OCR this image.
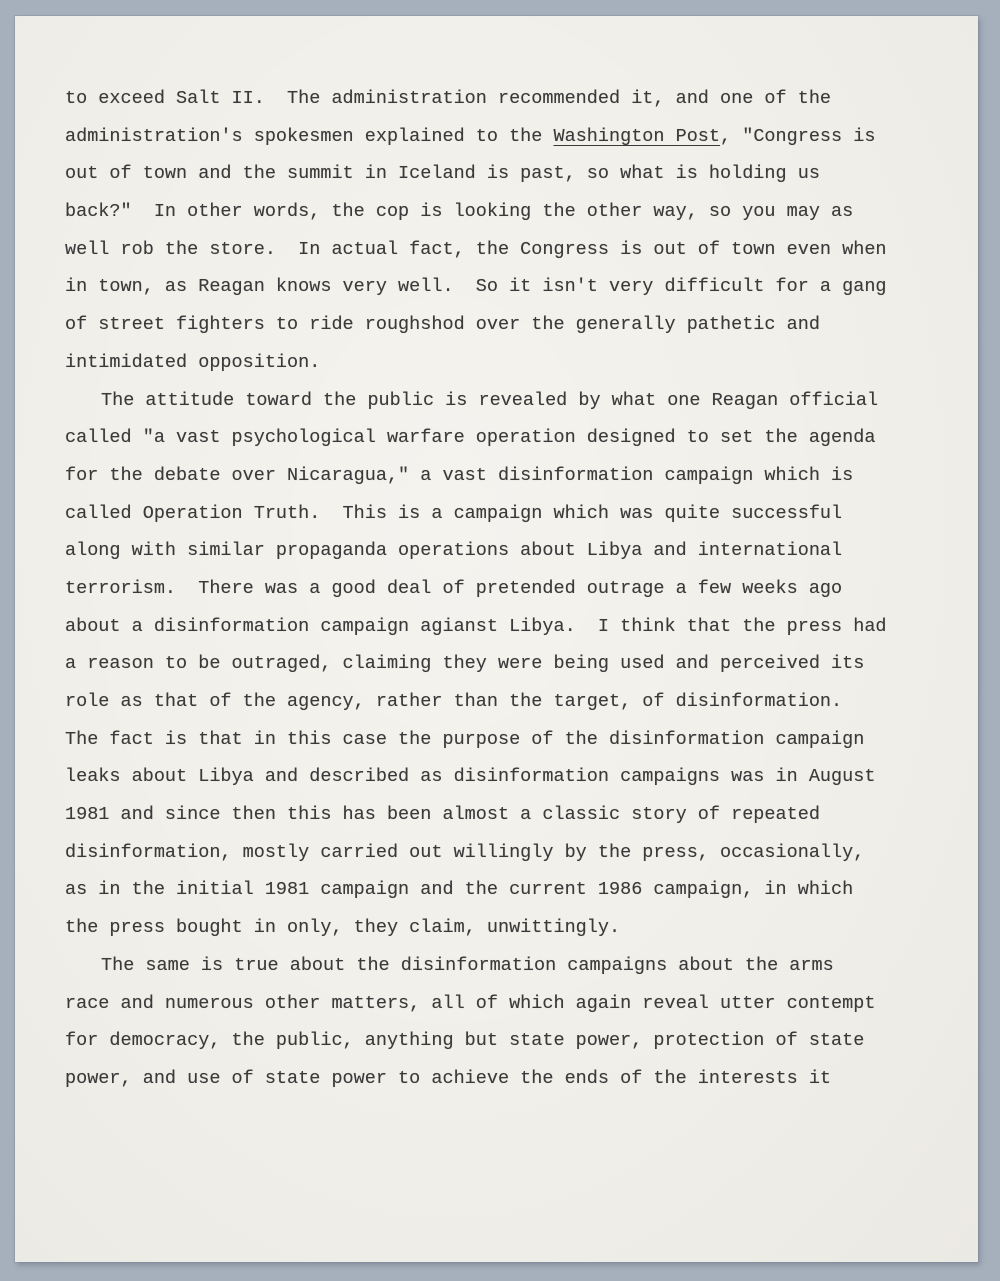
to exceed Salt II.  The administration recommended it, and one of the
administration's spokesmen explained to the Washington Post, "Congress is
out of town and the summit in Iceland is past, so what is holding us
back?"  In other words, the cop is looking the other way, so you may as
well rob the store.  In actual fact, the Congress is out of town even when
in town, as Reagan knows very well.  So it isn't very difficult for a gang
of street fighters to ride roughshod over the generally pathetic and
intimidated opposition.
The attitude toward the public is revealed by what one Reagan official
called "a vast psychological warfare operation designed to set the agenda
for the debate over Nicaragua," a vast disinformation campaign which is
called Operation Truth.  This is a campaign which was quite successful
along with similar propaganda operations about Libya and international
terrorism.  There was a good deal of pretended outrage a few weeks ago
about a disinformation campaign agianst Libya.  I think that the press had
a reason to be outraged, claiming they were being used and perceived its
role as that of the agency, rather than the target, of disinformation.
The fact is that in this case the purpose of the disinformation campaign
leaks about Libya and described as disinformation campaigns was in August
1981 and since then this has been almost a classic story of repeated
disinformation, mostly carried out willingly by the press, occasionally,
as in the initial 1981 campaign and the current 1986 campaign, in which
the press bought in only, they claim, unwittingly.
The same is true about the disinformation campaigns about the arms
race and numerous other matters, all of which again reveal utter contempt
for democracy, the public, anything but state power, protection of state
power, and use of state power to achieve the ends of the interests it
